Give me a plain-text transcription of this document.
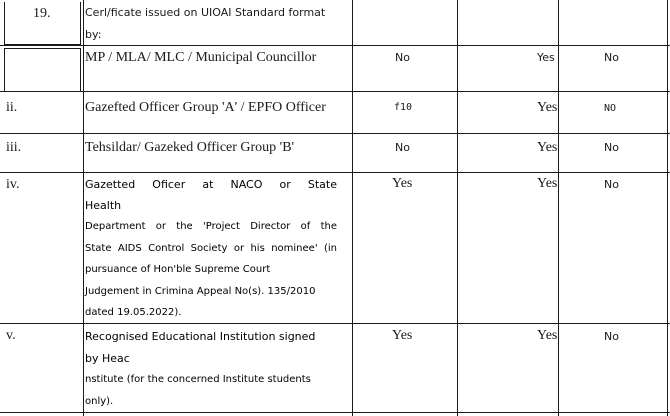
19.	Cerl/ficate issued on UIOAI Standard format
by:
MP / MLA/ MLC / Municipal Councillor	No	Yes	No
ii.	Gazefted Officer Group 'A' / EPFO Officer	f10	Yes	NO
iii.	Tehsildar/ Gazeked Officer Group 'B'	No	Yes	No
iv.	Gazetted Oficer at NACO or State
Health
Department or the 'Project Director of the
State AIDS Control Society or his nominee' (in
pursuance of Hon'ble Supreme Court
Judgement in Crimina Appeal No(s). 135/2010
dated 19.05.2022).
Yes	Yes	No
v.	Recognised Educational Institution signed
by Heac
nstitute (for the concerned Institute students
only).
Yes	Yes	No
